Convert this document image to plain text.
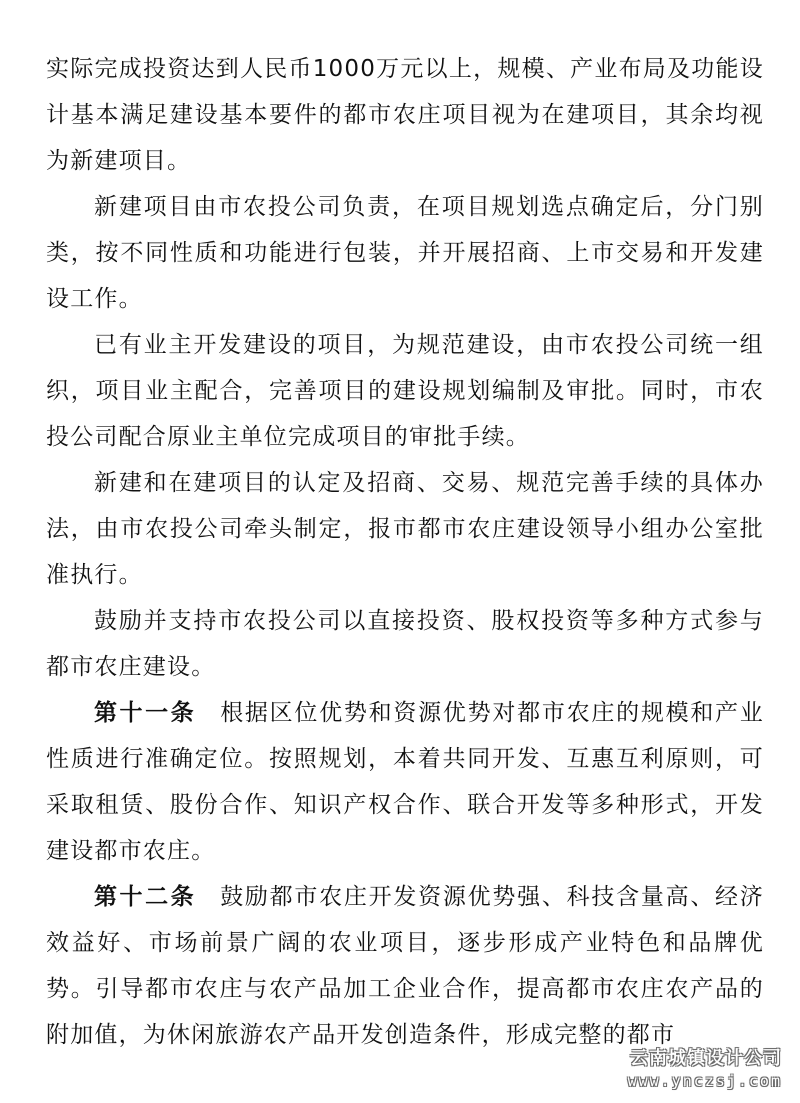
实际完成投资达到人民币1000万元以上，规模、产业布局及功能设计基本满足建设基本要件的都市农庄项目视为在建项目，其余均视为新建项目。

新建项目由市农投公司负责，在项目规划选点确定后，分门别类，按不同性质和功能进行包装，并开展招商、上市交易和开发建设工作。

已有业主开发建设的项目，为规范建设，由市农投公司统一组织，项目业主配合，完善项目的建设规划编制及审批。同时，市农投公司配合原业主单位完成项目的审批手续。

新建和在建项目的认定及招商、交易、规范完善手续的具体办法，由市农投公司牵头制定，报市都市农庄建设领导小组办公室批准执行。

鼓励并支持市农投公司以直接投资、股权投资等多种方式参与都市农庄建设。

第十一条 根据区位优势和资源优势对都市农庄的规模和产业性质进行准确定位。按照规划，本着共同开发、互惠互利原则，可采取租赁、股份合作、知识产权合作、联合开发等多种形式，开发建设都市农庄。

第十二条 鼓励都市农庄开发资源优势强、科技含量高、经济效益好、市场前景广阔的农业项目，逐步形成产业特色和品牌优势。引导都市农庄与农产品加工企业合作，提高都市农庄农产品的附加值，为休闲旅游农产品开发创造条件，形成完整的都市

云南城镇设计公司
www.ynczsj.com
